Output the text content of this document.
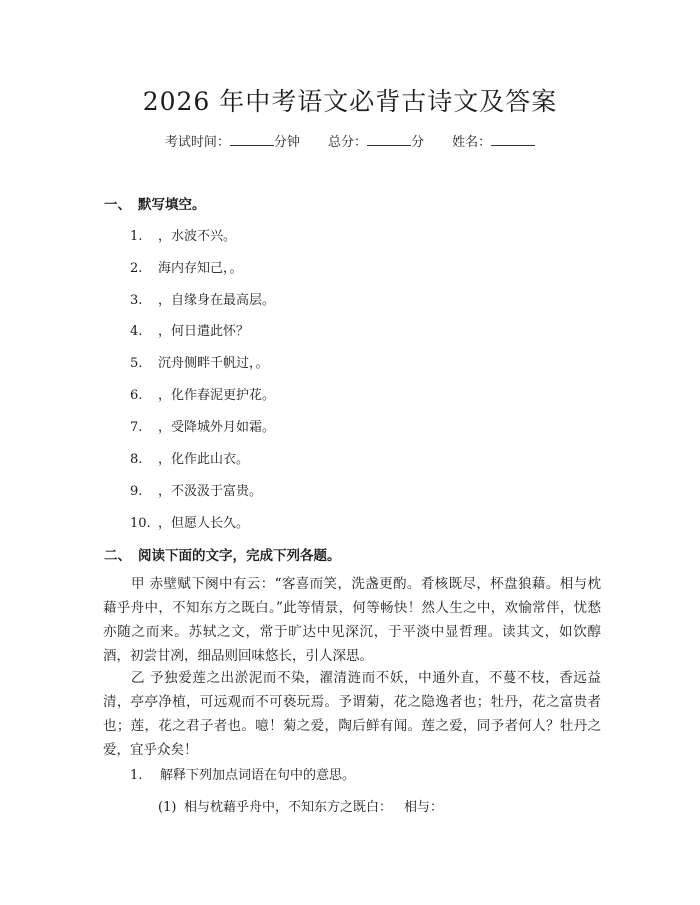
2026 年中考语文必背古诗文及答案
考试时间：	分钟 总分：	分 姓名：
一、 默写填空。
1. ，水波不兴。
2. 海内存知己，。
3. ，自缘身在最高层。
4. ，何日遣此怀？
5. 沉舟侧畔千帆过，。
6. ，化作春泥更护花。
7. ，受降城外月如霜。
8. ，化作此山衣。
9. ，不汲汲于富贵。
10. ，但愿人长久。
二、 阅读下面的文字，完成下列各题。
甲 赤壁赋下阕中有云：“客喜而笑，洗盏更酌。肴核既尽，杯盘狼藉。相与枕藉乎舟中，不知东方之既白。”此等情景，何等畅快！然人生之中，欢愉常伴，忧愁亦随之而来。苏轼之文，常于旷达中见深沉，于平淡中显哲理。读其文，如饮醇酒，初尝甘冽，细品则回味悠长，引人深思。
乙 予独爱莲之出淤泥而不染，濯清涟而不妖，中通外直，不蔓不枝，香远益清，亭亭净植，可远观而不可亵玩焉。予谓菊，花之隐逸者也；牡丹，花之富贵者也；莲，花之君子者也。噫！菊之爱，陶后鲜有闻。莲之爱，同予者何人？牡丹之爱，宜乎众矣！
1. 解释下列加点词语在句中的意思。
(1) 相与枕藉乎舟中，不知东方之既白： 相与：
